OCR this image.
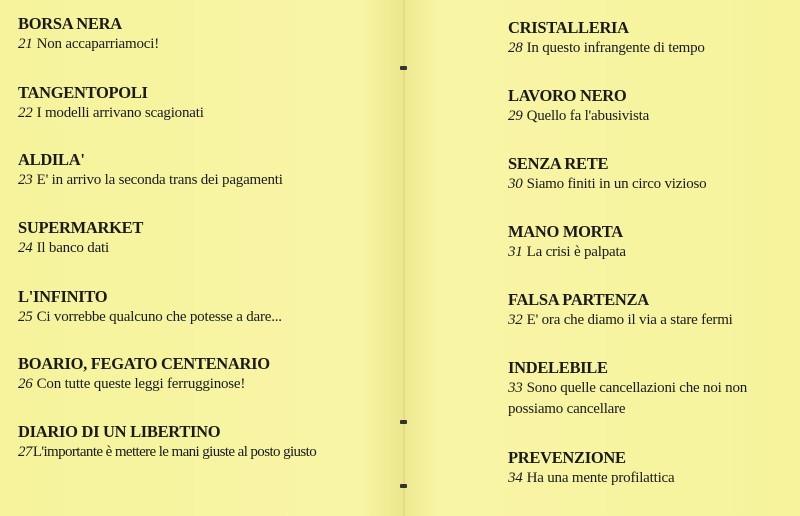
BORSA NERA
21 Non accaparriamoci!
TANGENTOPOLI
22 I modelli arrivano scagionati
ALDILA'
23 E' in arrivo la seconda trans dei pagamenti
SUPERMARKET
24 Il banco dati
L'INFINITO
25 Ci vorrebbe qualcuno che potesse a dare...
BOARIO, FEGATO CENTENARIO
26 Con tutte queste leggi ferrugginose!
DIARIO DI UN LIBERTINO
27L'importante è mettere le mani giuste al posto giusto
CRISTALLERIA
28 In questo infrangente di tempo
LAVORO NERO
29 Quello fa l'abusivista
SENZA RETE
30 Siamo finiti in un circo vizioso
MANO MORTA
31 La crisi è palpata
FALSA PARTENZA
32 E' ora che diamo il via a stare fermi
INDELEBILE
33 Sono quelle cancellazioni che noi non possiamo cancellare
PREVENZIONE
34 Ha una mente profilattica
